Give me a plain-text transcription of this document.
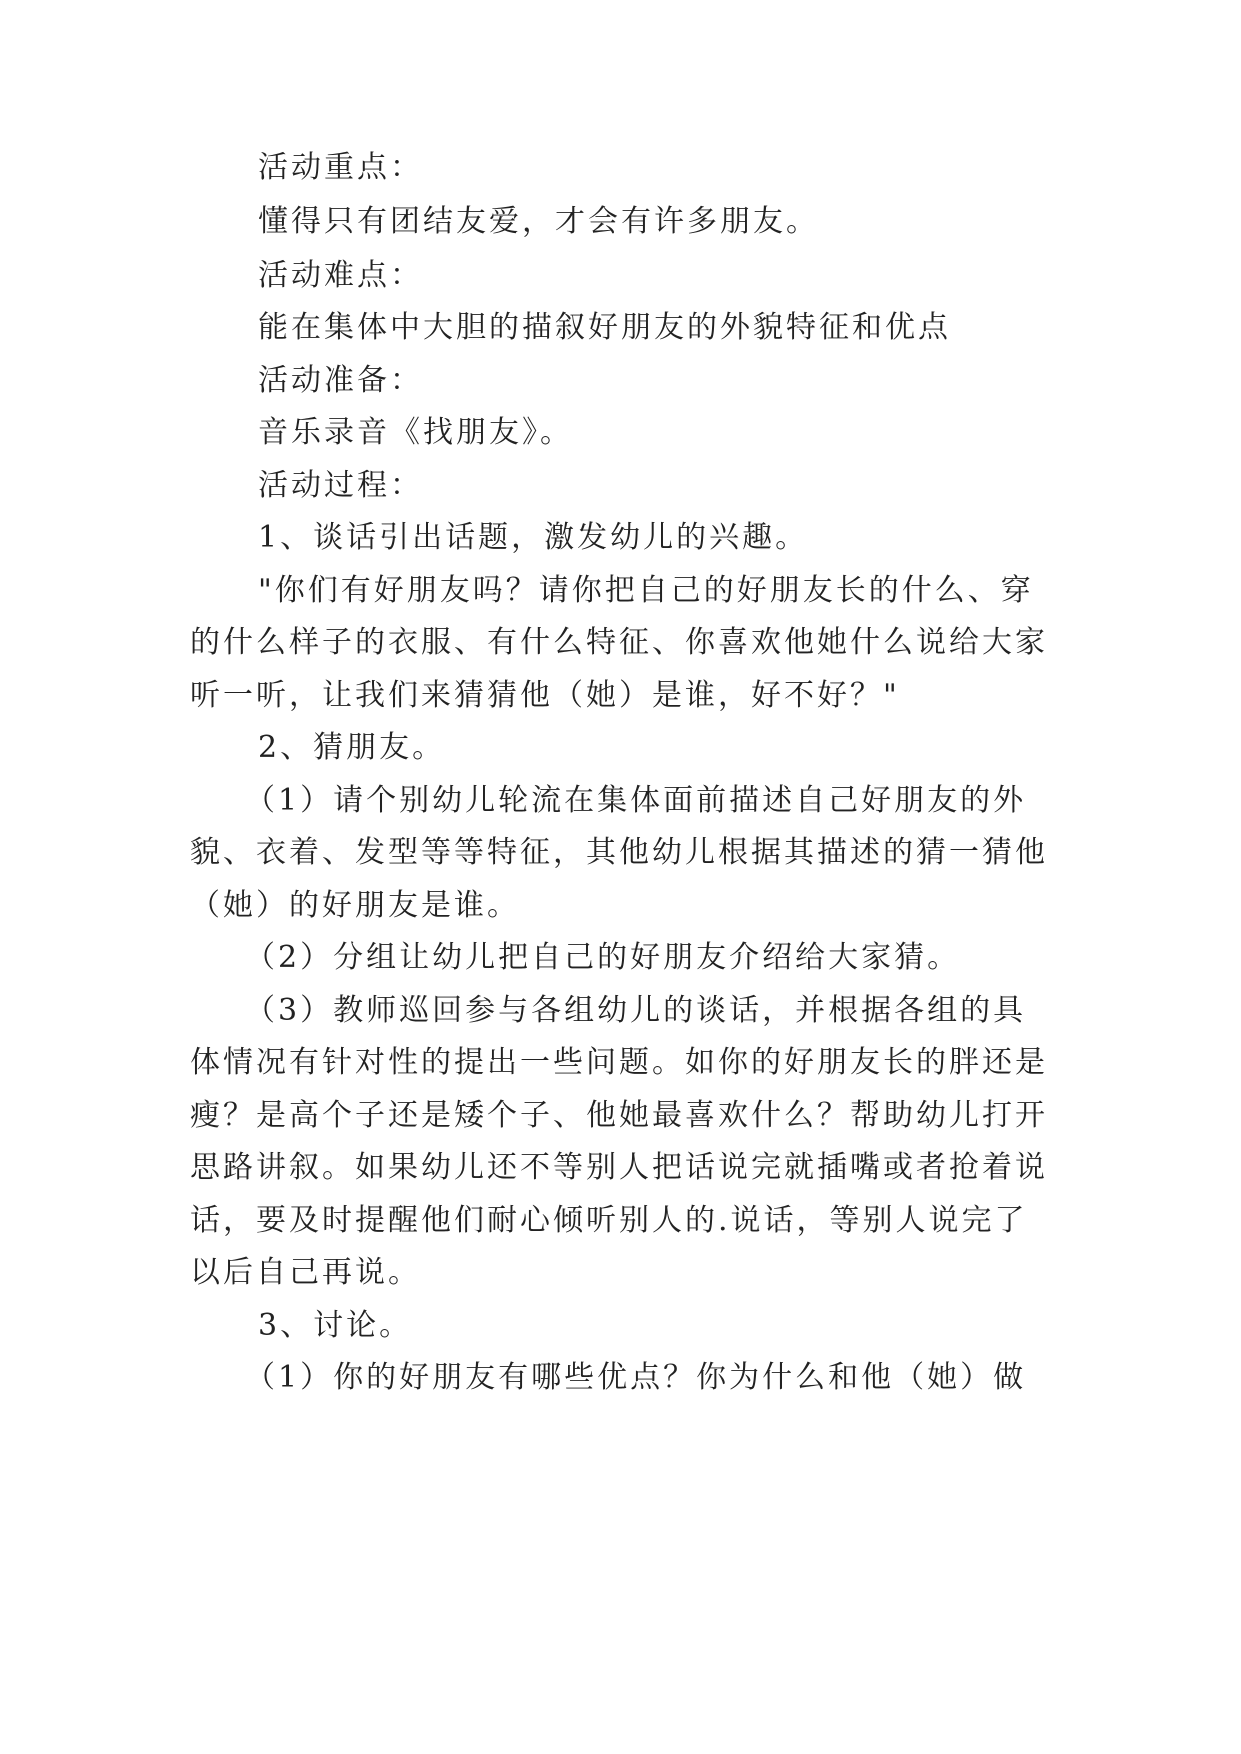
活动重点：
懂得只有团结友爱，才会有许多朋友。
活动难点：
能在集体中大胆的描叙好朋友的外貌特征和优点
活动准备：
音乐录音《找朋友》。
活动过程：
1、谈话引出话题，激发幼儿的兴趣。
"你们有好朋友吗？请你把自己的好朋友长的什么、穿
的什么样子的衣服、有什么特征、你喜欢他她什么说给大家
听一听，让我们来猜猜他（她）是谁，好不好？"
2、猜朋友。
（1）请个别幼儿轮流在集体面前描述自己好朋友的外
貌、衣着、发型等等特征，其他幼儿根据其描述的猜一猜他
（她）的好朋友是谁。
（2）分组让幼儿把自己的好朋友介绍给大家猜。
（3）教师巡回参与各组幼儿的谈话，并根据各组的具
体情况有针对性的提出一些问题。如你的好朋友长的胖还是
瘦？是高个子还是矮个子、他她最喜欢什么？帮助幼儿打开
思路讲叙。如果幼儿还不等别人把话说完就插嘴或者抢着说
话，要及时提醒他们耐心倾听别人的.说话，等别人说完了
以后自己再说。
3、讨论。
（1）你的好朋友有哪些优点？你为什么和他（她）做
